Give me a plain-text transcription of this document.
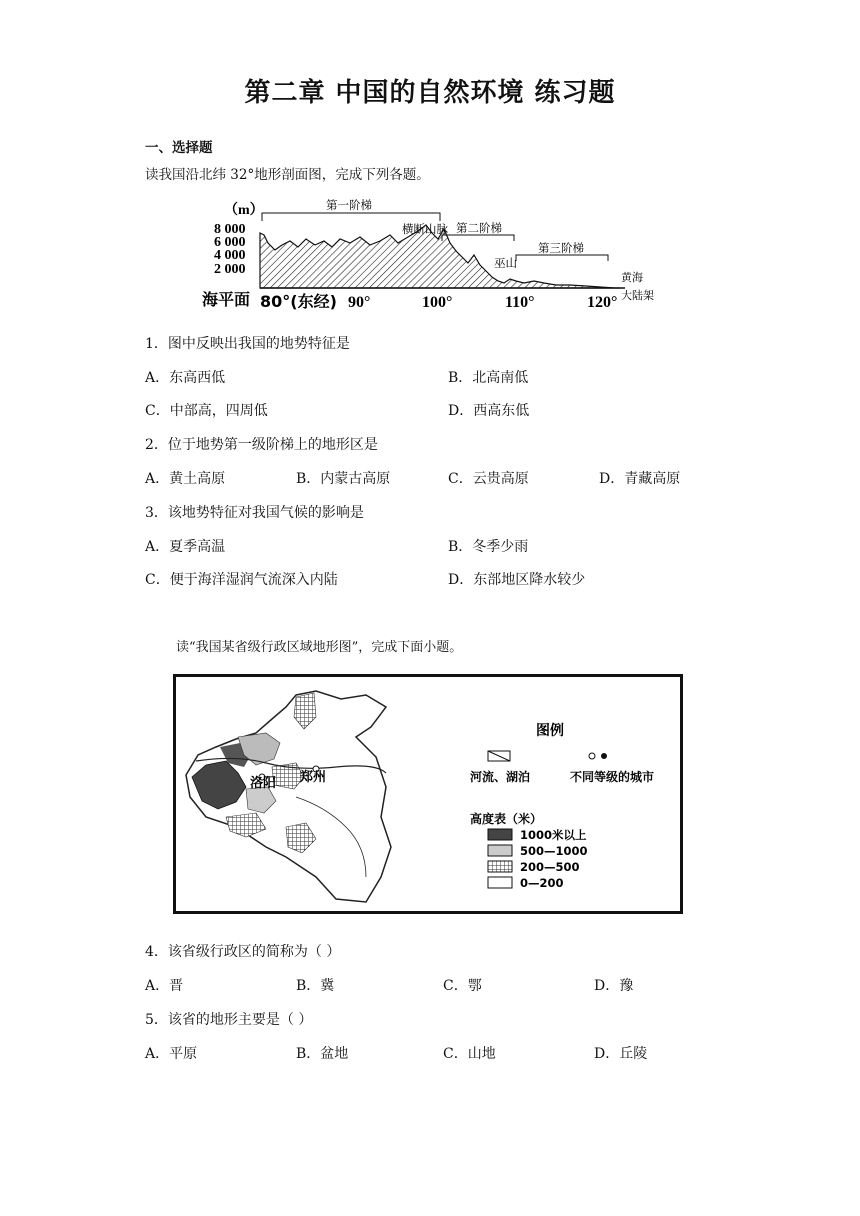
第二章 中国的自然环境 练习题
一、选择题
读我国沿北纬 32°地形剖面图，完成下列各题。
（m）
8 000
6 000
4 000
2 000
海平面 80°(东经) 90°	100°	110°	120°
第一阶梯
第二阶梯
第三阶梯
横断山脉
巫山
黄海
大陆架
1．图中反映出我国的地势特征是
A．东高西低	B．北高南低
C．中部高，四周低	D．西高东低
2．位于地势第一级阶梯上的地形区是
A．黄土高原	B．内蒙古高原	C．云贵高原	D．青藏高原
3．该地势特征对我国气候的影响是
A．夏季高温	B．冬季少雨
C．便于海洋湿润气流深入内陆	D．东部地区降水较少
读“我国某省级行政区域地形图”，完成下面小题。
洛阳 郑州
图例
河流、湖泊	不同等级的城市
高度表（米）
1000米以上
500—1000
200—500
0—200
4．该省级行政区的简称为（ ）
A．晋	B．冀	C．鄂	D．豫
5．该省的地形主要是（ ）
A．平原	B．盆地	C．山地	D．丘陵
